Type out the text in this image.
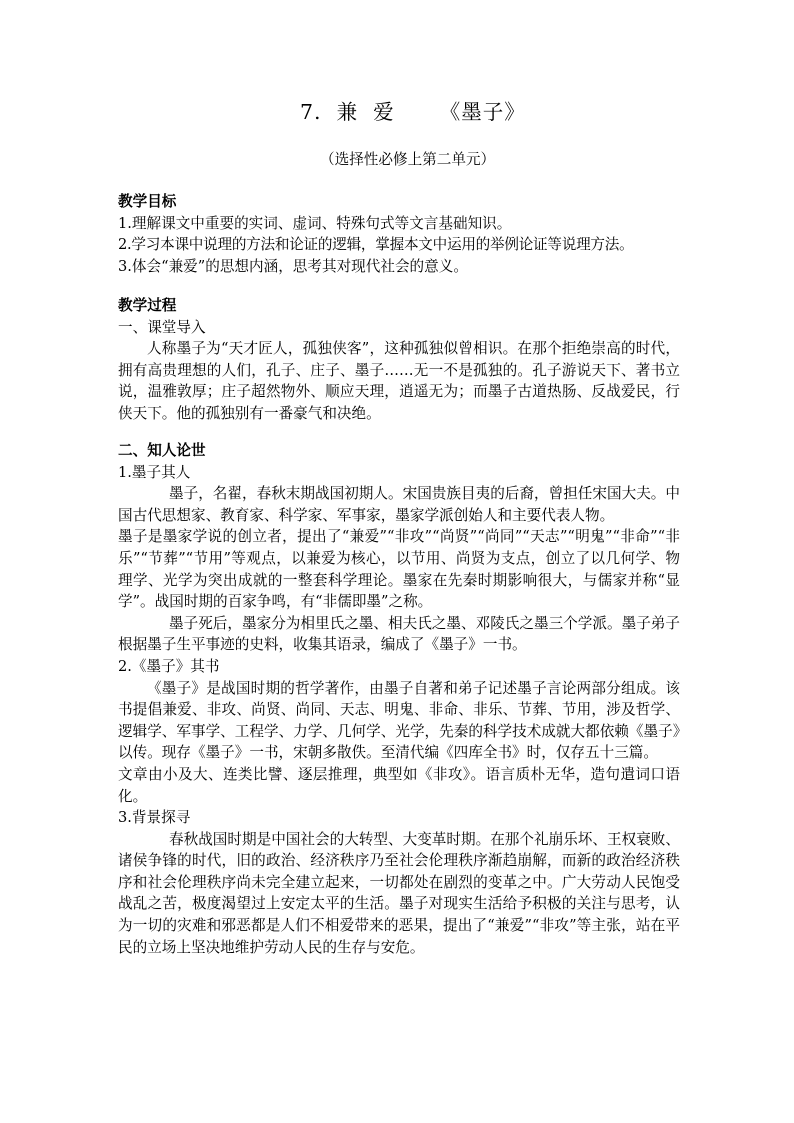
7.  兼  爱      《墨子》
（选择性必修上第二单元）

教学目标

1.理解课文中重要的实词、虚词、特殊句式等文言基础知识。

2.学习本课中说理的方法和论证的逻辑，掌握本文中运用的举例论证等说理方法。

3.体会“兼爱”的思想内涵，思考其对现代社会的意义。

教学过程

一、课堂导入

人称墨子为“天才匠人，孤独侠客”，这种孤独似曾相识。在那个拒绝崇高的时代，拥有高贵理想的人们，孔子、庄子、墨子……无一不是孤独的。孔子游说天下、著书立说，温雅敦厚；庄子超然物外、顺应天理，逍遥无为；而墨子古道热肠、反战爱民，行侠天下。他的孤独别有一番豪气和决绝。

二、知人论世

1.墨子其人

墨子，名翟，春秋末期战国初期人。宋国贵族目夷的后裔，曾担任宋国大夫。中国古代思想家、教育家、科学家、军事家，墨家学派创始人和主要代表人物。

墨子是墨家学说的创立者，提出了“兼爱”“非攻”“尚贤”“尚同”“天志”“明鬼”“非命”“非乐”“节葬”“节用”等观点，以兼爱为核心，以节用、尚贤为支点，创立了以几何学、物理学、光学为突出成就的一整套科学理论。墨家在先秦时期影响很大，与儒家并称“显学”。战国时期的百家争鸣，有“非儒即墨”之称。

墨子死后，墨家分为相里氏之墨、相夫氏之墨、邓陵氏之墨三个学派。墨子弟子根据墨子生平事迹的史料，收集其语录，编成了《墨子》一书。

2.《墨子》其书

《墨子》是战国时期的哲学著作，由墨子自著和弟子记述墨子言论两部分组成。该书提倡兼爱、非攻、尚贤、尚同、天志、明鬼、非命、非乐、节葬、节用，涉及哲学、逻辑学、军事学、工程学、力学、几何学、光学，先秦的科学技术成就大都依赖《墨子》以传。现存《墨子》一书，宋朝多散佚。至清代编《四库全书》时，仅存五十三篇。

文章由小及大、连类比譬、逐层推理，典型如《非攻》。语言质朴无华，造句遣词口语化。

3.背景探寻

春秋战国时期是中国社会的大转型、大变革时期。在那个礼崩乐坏、王权衰败、诸侯争锋的时代，旧的政治、经济秩序乃至社会伦理秩序渐趋崩解，而新的政治经济秩序和社会伦理秩序尚未完全建立起来，一切都处在剧烈的变革之中。广大劳动人民饱受战乱之苦，极度渴望过上安定太平的生活。墨子对现实生活给予积极的关注与思考，认为一切的灾难和邪恶都是人们不相爱带来的恶果，提出了“兼爱”“非攻”等主张，站在平民的立场上坚决地维护劳动人民的生存与安危。
